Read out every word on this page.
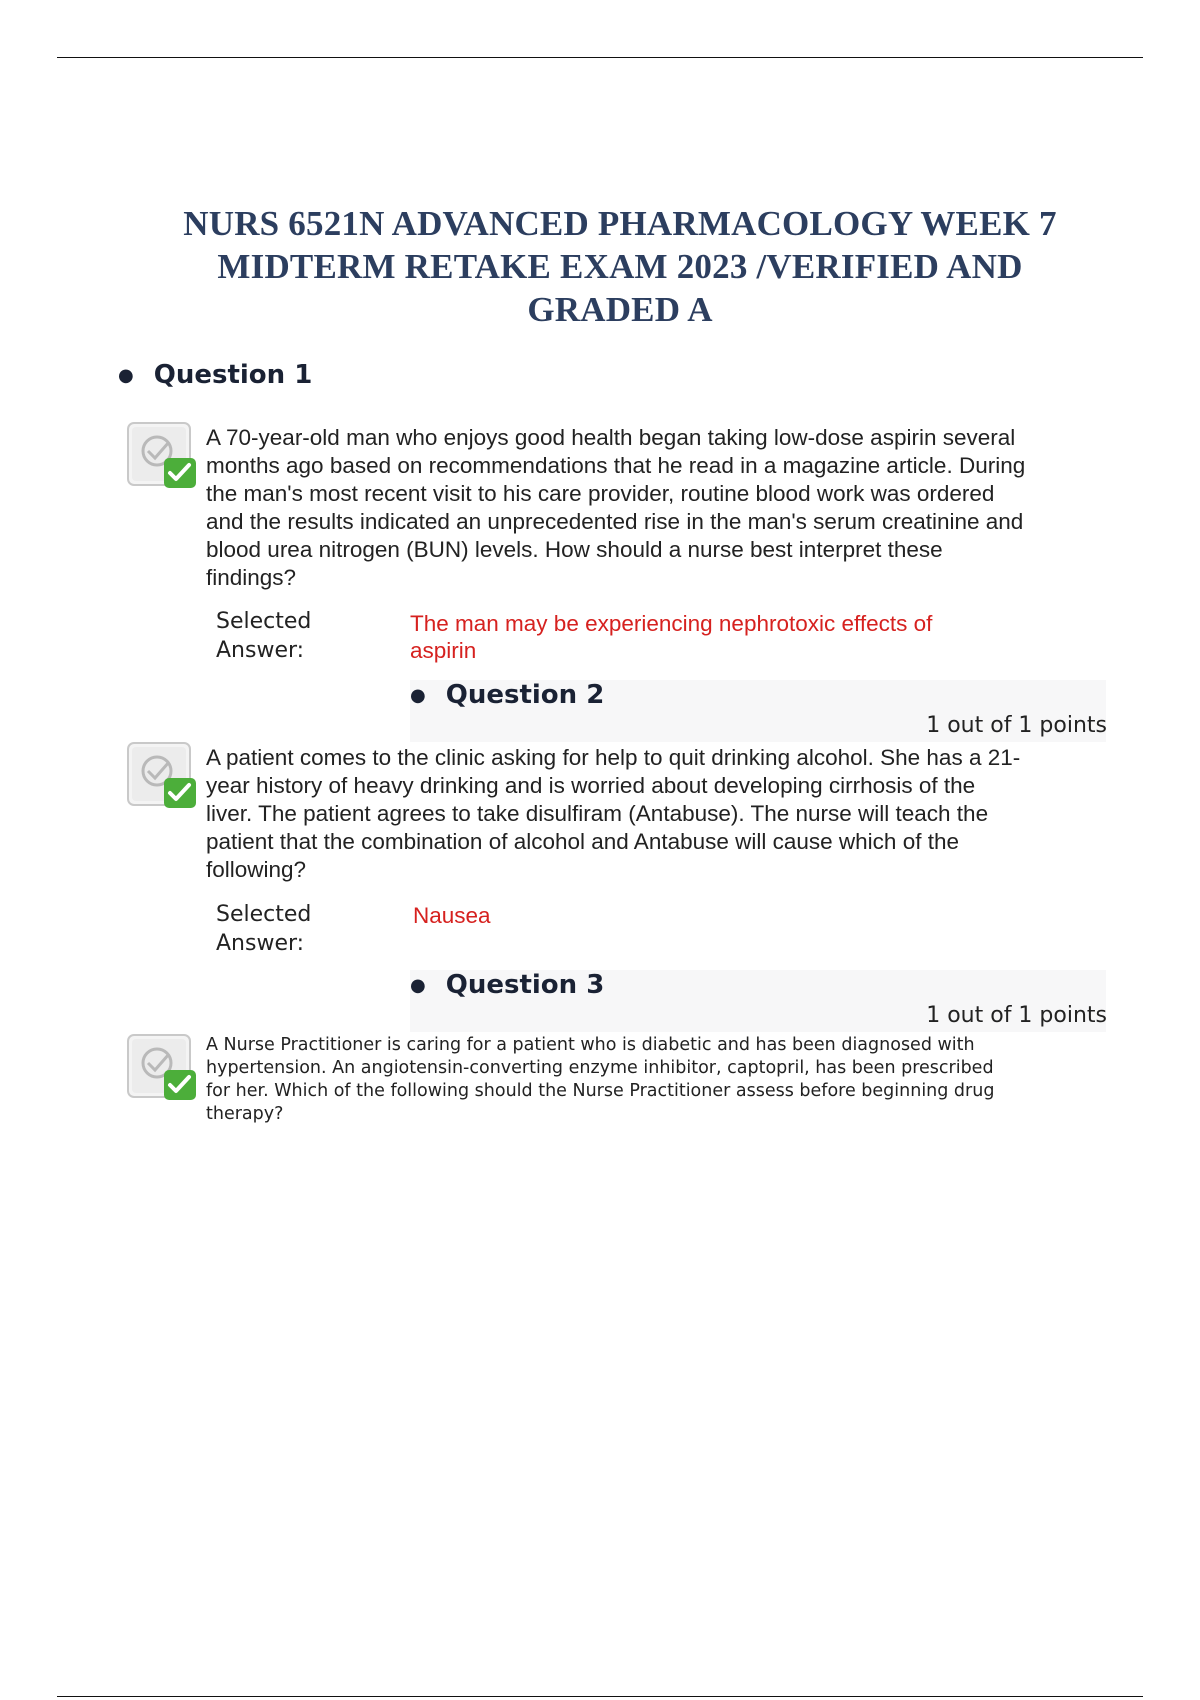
NURS 6521N ADVANCED PHARMACOLOGY WEEK 7
MIDTERM RETAKE EXAM 2023 /VERIFIED AND
GRADED A
● Question 1
A 70-year-old man who enjoys good health began taking low-dose aspirin several months ago based on recommendations that he read in a magazine article. During the man's most recent visit to his care provider, routine blood work was ordered and the results indicated an unprecedented rise in the man's serum creatinine and blood urea nitrogen (BUN) levels. How should a nurse best interpret these findings?
Selected Answer:
The man may be experiencing nephrotoxic effects of aspirin
● Question 2
1 out of 1 points
A patient comes to the clinic asking for help to quit drinking alcohol. She has a 21-year history of heavy drinking and is worried about developing cirrhosis of the liver. The patient agrees to take disulfiram (Antabuse). The nurse will teach the patient that the combination of alcohol and Antabuse will cause which of the following?
Selected Answer:
Nausea
● Question 3
1 out of 1 points
A Nurse Practitioner is caring for a patient who is diabetic and has been diagnosed with hypertension. An angiotensin-converting enzyme inhibitor, captopril, has been prescribed for her. Which of the following should the Nurse Practitioner assess before beginning drug therapy?
